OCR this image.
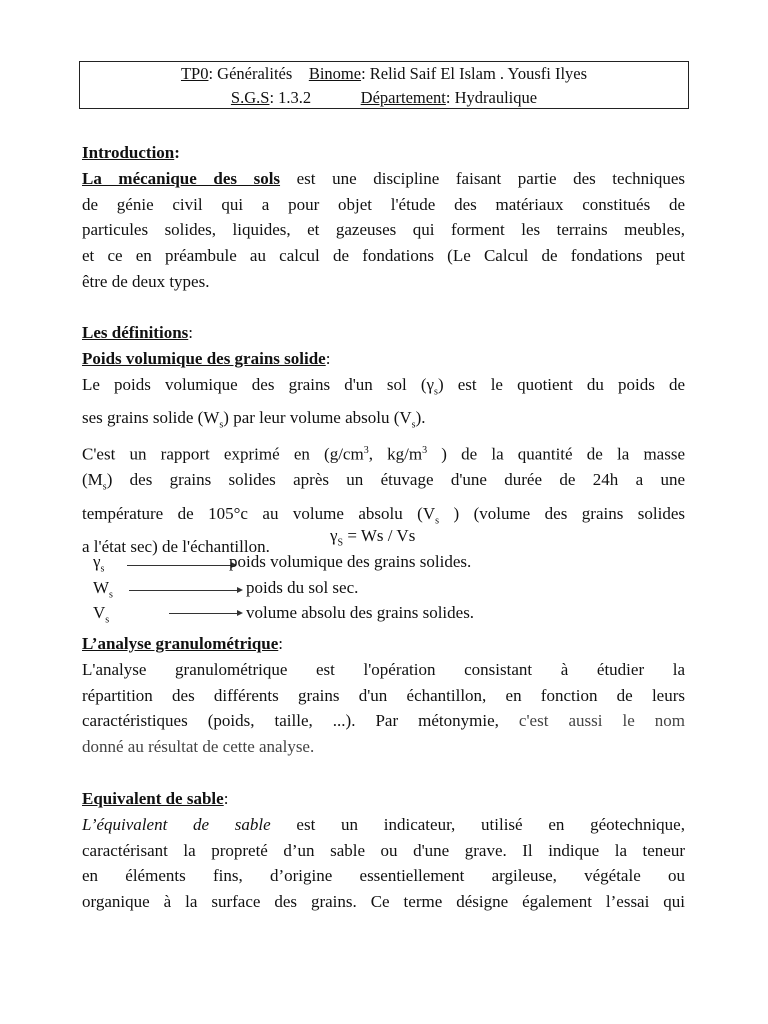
TP0: Généralités Binome: Relid Saif El Islam . Yousfi Ilyes
S.G.S: 1.3.2	Département: Hydraulique
Introduction:
La mécanique des sols est une discipline faisant partie des techniques
de génie civil qui a pour objet l'étude des matériaux constitués de
particules solides, liquides, et gazeuses qui forment les terrains meubles,
et ce en préambule au calcul de fondations (Le Calcul de fondations peut
être de deux types.
Les définitions:
Poids volumique des grains solide:
Le poids volumique des grains d'un sol $(\gamma_s)$ est le quotient du poids de
ses grains solide $(W_s)$ par leur volume absolu $(V_s)$.
C'est un rapport exprimé en ($g/cm^3$, $kg/m^3$ ) de la quantité de la masse
$(M_s)$ des grains solides après un étuvage d'une durée de 24h a une
température de 105°c au volume absolu ($V_s$ ) (volume des grains solides
a l'état sec) de l'échantillon.
$\gamma_S = Ws / Vs$
$\gamma_s$	poids volumique des grains solides.
$W_s$	poids du sol sec.
$V_s$	volume absolu des grains solides.
L’analyse granulométrique:
L'analyse granulométrique est l'opération consistant à étudier la
répartition des différents grains d'un échantillon, en fonction de leurs
caractéristiques (poids, taille, ...). Par métonymie, c'est aussi le nom
donné au résultat de cette analyse.
Equivalent de sable:
L’équivalent de sable est un indicateur, utilisé en géotechnique,
caractérisant la propreté d’un sable ou d'une grave. Il indique la teneur
en éléments fins, d’origine essentiellement argileuse, végétale ou
organique à la surface des grains. Ce terme désigne également l’essai qui
